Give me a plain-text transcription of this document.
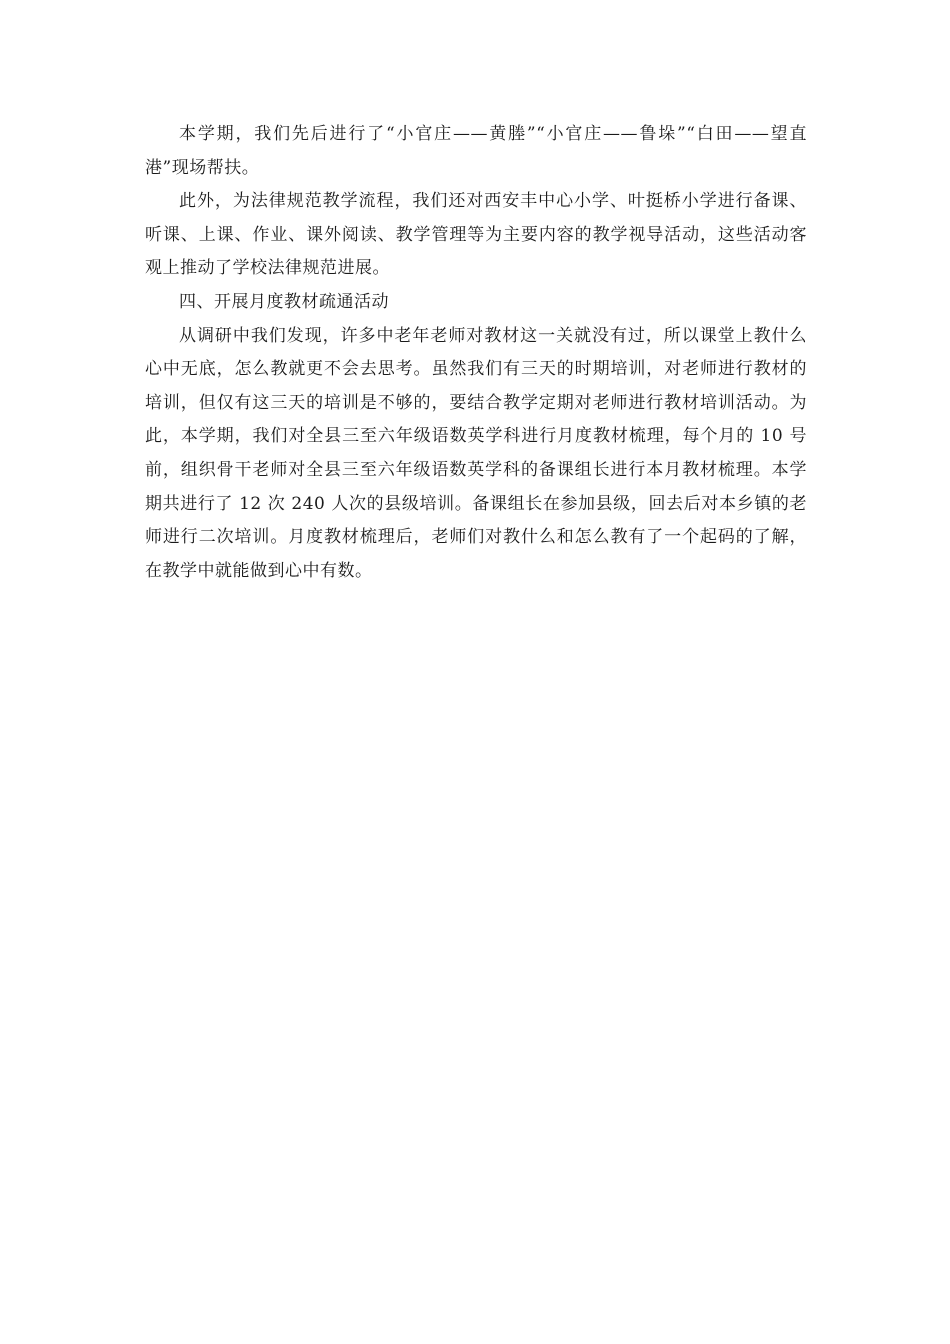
本学期，我们先后进行了“小官庄——黄塍”“小官庄——鲁垛”“白田——望直港”现场帮扶。

此外，为法律规范教学流程，我们还对西安丰中心小学、叶挺桥小学进行备课、听课、上课、作业、课外阅读、教学管理等为主要内容的教学视导活动，这些活动客观上推动了学校法律规范进展。

四、开展月度教材疏通活动

从调研中我们发现，许多中老年老师对教材这一关就没有过，所以课堂上教什么心中无底，怎么教就更不会去思考。虽然我们有三天的时期培训，对老师进行教材的培训，但仅有这三天的培训是不够的，要结合教学定期对老师进行教材培训活动。为此，本学期，我们对全县三至六年级语数英学科进行月度教材梳理，每个月的 10 号前，组织骨干老师对全县三至六年级语数英学科的备课组长进行本月教材梳理。本学期共进行了 12 次 240 人次的县级培训。备课组长在参加县级，回去后对本乡镇的老师进行二次培训。月度教材梳理后，老师们对教什么和怎么教有了一个起码的了解，在教学中就能做到心中有数。
